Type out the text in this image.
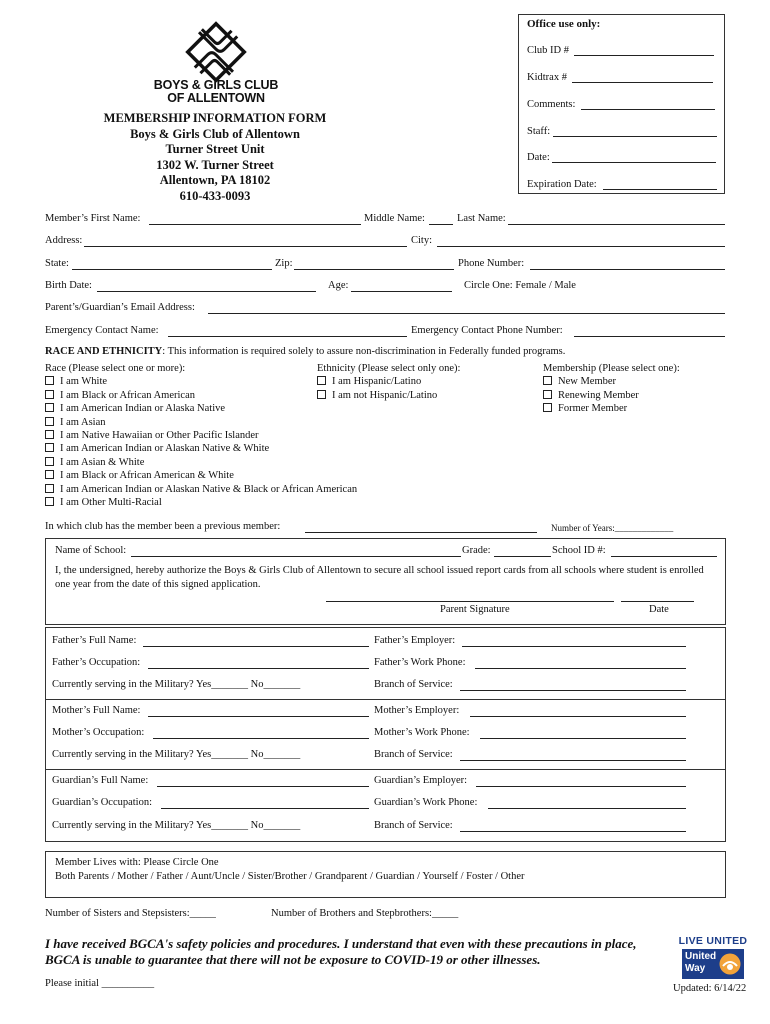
BOYS & GIRLS CLUB
OF ALLENTOWN
MEMBERSHIP INFORMATION FORM
Boys & Girls Club of Allentown
Turner Street Unit
1302 W. Turner Street
Allentown, PA 18102
610-433-0093
Office use only:
Club ID #
Kidtrax #
Comments:
Staff:
Date:
Expiration Date:
Member’s First Name:	Middle Name:	Last Name:
Address:	City:
State:	Zip:	Phone Number:
Birth Date:	Age:	Circle One: Female / Male
Parent’s/Guardian’s Email Address:
Emergency Contact Name:	Emergency Contact Phone Number:
RACE AND ETHNICITY: This information is required solely to assure non-discrimination in Federally funded programs.
Race (Please select one or more):
I am White
I am Black or African American
I am American Indian or Alaska Native
I am Asian
I am Native Hawaiian or Other Pacific Islander
I am American Indian or Alaskan Native & White
I am Asian & White
I am Black or African American & White
I am American Indian or Alaskan Native & Black or African American
I am Other Multi-Racial
Ethnicity (Please select only one):
I am Hispanic/Latino
I am not Hispanic/Latino
Membership (Please select one):
New Member
Renewing Member
Former Member
In which club has the member been a previous member:	Number of Years:_____________
Name of School:	Grade:	School ID #:
I, the undersigned, hereby authorize the Boys & Girls Club of Allentown to secure all school issued report cards from all schools where student is enrolled one year from the date of this signed application.
Parent Signature	Date
Father’s Full Name:	Father’s Employer:
Father’s Occupation:	Father’s Work Phone:
Currently serving in the Military? Yes_______ No_______	Branch of Service:
Mother’s Full Name:	Mother’s Employer:
Mother’s Occupation:	Mother’s Work Phone:
Currently serving in the Military? Yes_______ No_______	Branch of Service:
Guardian’s Full Name:	Guardian’s Employer:
Guardian’s Occupation:	Guardian’s Work Phone:
Currently serving in the Military? Yes_______ No_______	Branch of Service:
Member Lives with: Please Circle One
Both Parents / Mother / Father / Aunt/Uncle / Sister/Brother / Grandparent / Guardian / Yourself / Foster / Other
Number of Sisters and Stepsisters:_____	Number of Brothers and Stepbrothers:_____
I have received BGCA's safety policies and procedures. I understand that even with these precautions in place, BGCA is unable to guarantee that there will not be exposure to COVID-19 or other illnesses.
Please initial __________
LIVE UNITED
United
Way
Updated: 6/14/22
